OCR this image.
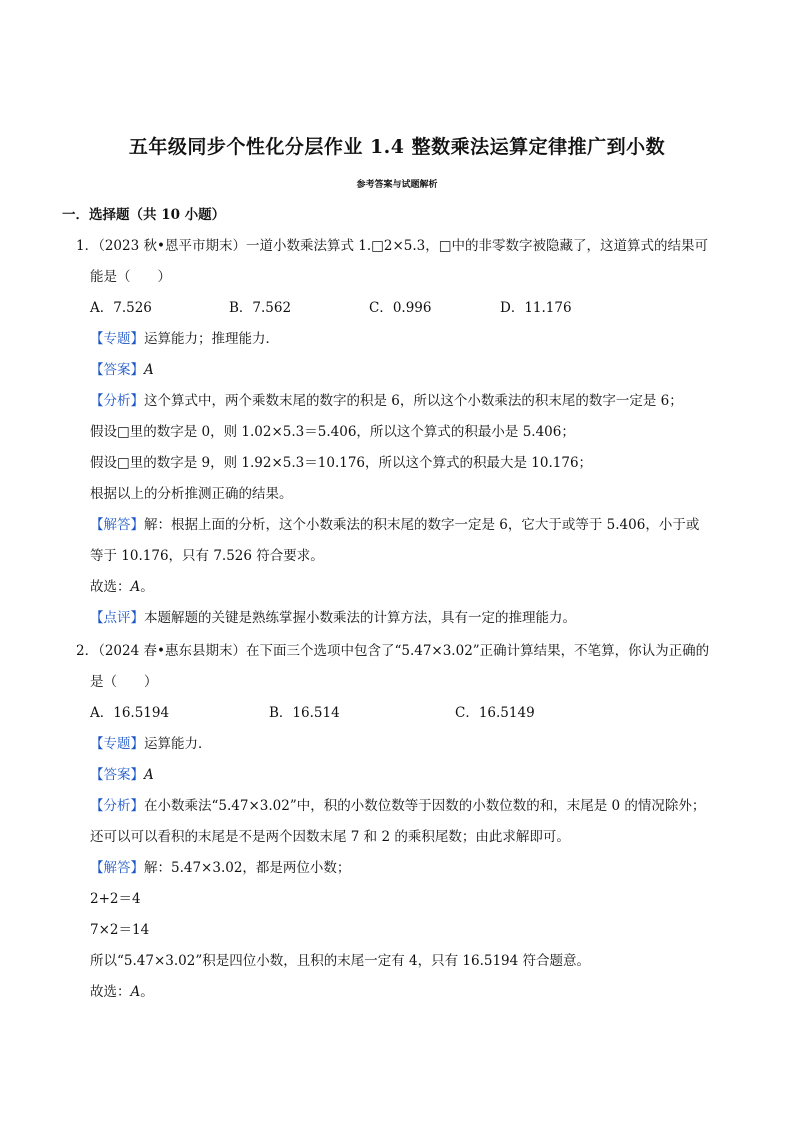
五年级同步个性化分层作业 1.4 整数乘法运算定律推广到小数
参考答案与试题解析
一．选择题（共 10 小题）
1．（2023 秋•恩平市期末）一道小数乘法算式 1.□2×5.3，□中的非零数字被隐藏了，这道算式的结果可
能是（　　）
A．7.526	B．7.562	C．0.996	D．11.176
【专题】运算能力；推理能力．
【答案】A
【分析】这个算式中，两个乘数末尾的数字的积是 6，所以这个小数乘法的积末尾的数字一定是 6；
假设□里的数字是 0，则 1.02×5.3＝5.406，所以这个算式的积最小是 5.406；
假设□里的数字是 9，则 1.92×5.3＝10.176，所以这个算式的积最大是 10.176；
根据以上的分析推测正确的结果。
【解答】解：根据上面的分析，这个小数乘法的积末尾的数字一定是 6，它大于或等于 5.406，小于或
等于 10.176，只有 7.526 符合要求。
故选：A。
【点评】本题解题的关键是熟练掌握小数乘法的计算方法，具有一定的推理能力。
2．（2024 春•惠东县期末）在下面三个选项中包含了“5.47×3.02”正确计算结果，不笔算，你认为正确的
是（　　）
A．16.5194	B．16.514	C．16.5149
【专题】运算能力．
【答案】A
【分析】在小数乘法“5.47×3.02”中，积的小数位数等于因数的小数位数的和，末尾是 0 的情况除外；
还可以可以看积的末尾是不是两个因数末尾 7 和 2 的乘积尾数；由此求解即可。
【解答】解：5.47×3.02，都是两位小数；
2+2＝4
7×2＝14
所以“5.47×3.02”积是四位小数，且积的末尾一定有 4，只有 16.5194 符合题意。
故选：A。
